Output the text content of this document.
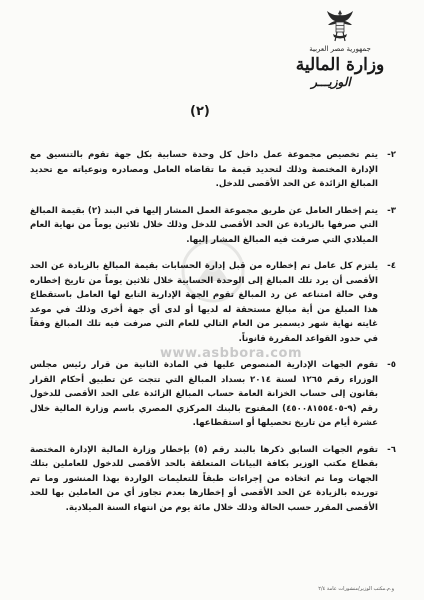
جمهورية مصر العربية
وزارة المالية
الوزيـــر
(٢)
www.asbbora.com
٢-
يتم تخصيص مجموعة عمل داخل كل وحدة حسابية بكل جهة تقوم بالتنسيق مع الإدارة المختصة وذلك لتحديد قيمة ما تقاضاه العامل ومصادره ونوعياته مع تحديد المبالغ الزائدة عن الحد الأقصى للدخل.
٣-
يتم إخطار العامل عن طريق مجموعة العمل المشار إليها في البند (٢) بقيمة المبالغ التي صرفها بالزيادة عن الحد الأقصى للدخل وذلك خلال ثلاثين يوماً من نهاية العام الميلادي التي صرفت فيه المبالغ المشار إليها.
٤-
يلتزم كل عامل تم إخطاره من قبل إدارة الحسابات بقيمة المبالغ بالزيادة عن الحد الأقصى أن يرد تلك المبالغ إلى الوحدة الحسابية خلال ثلاثين يوماً من تاريخ إخطاره وفي حالة امتناعه عن رد المبالغ تقوم الجهة الإدارية التابع لها العامل باستقطاع هذا المبلغ من أية مبالغ مستحقة له لديها أو لدى أي جهة أخرى وذلك في موعد غايته نهاية شهر ديسمبر من العام التالي للعام التي صرفت فيه تلك المبالغ وفقاً في حدود القواعد المقررة قانوناً.
٥-
تقوم الجهات الإدارية المنصوص عليها في المادة الثانية من قرار رئيس مجلس الوزراء رقم ١٢٦٥ لسنة ٢٠١٤ بسداد المبالغ التي تتجت عن تطبيق أحكام القرار بقانون إلى حساب الخزانة العامة حساب المبالغ الزائدة على الحد الأقصى للدخول رقم (٩-٤٥٠٠٨١٥٥٤٠٥) المفتوح بالبنك المركزي المصري باسم وزارة المالية خلال عشرة أيام من تاريخ تحصيلها أو استقطاعها.
٦-
تقوم الجهات السابق ذكرها بالبند رقم (٥) بإخطار وزارة المالية الإدارة المختصة بقطاع مكتب الوزير بكافة البيانات المتعلقة بالحد الأقصى للدخول للعاملين بتلك الجهات وما تم اتخاذه من إجراءات طبقاً للتعليمات الواردة بهذا المنشور وما تم توريده بالزيادة عن الحد الأقصى أو إخطارها بعدم تجاوز أي من العاملين بها للحد الأقصى المقرر حسب الحالة وذلك خلال مائة يوم من انتهاء السنة الميلادية.
و.م.مكتب الوزير/منشورات عامة ٢/٤
